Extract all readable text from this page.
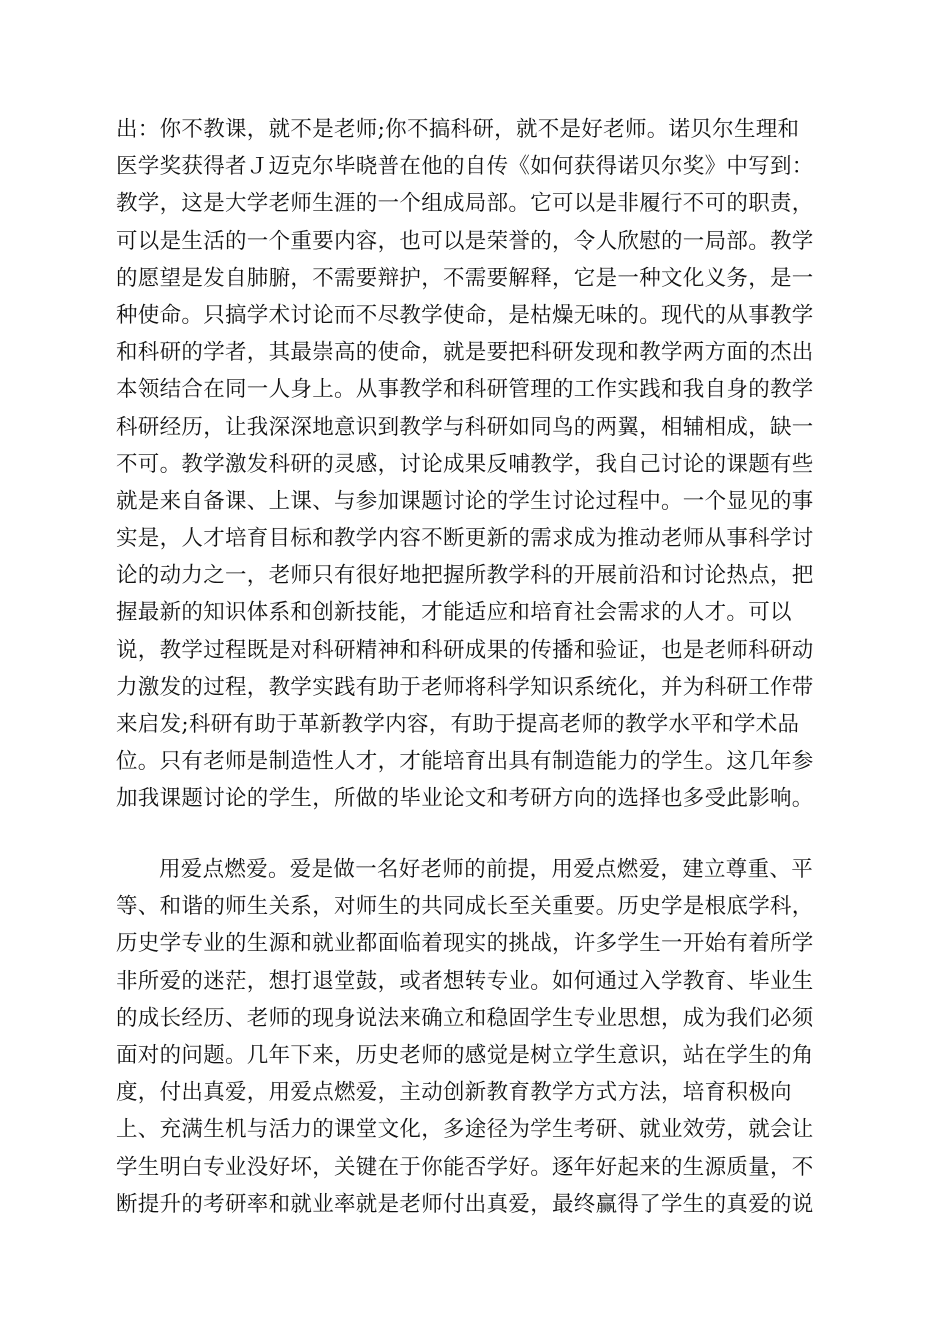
出：你不教课，就不是老师;你不搞科研，就不是好老师。诺贝尔生理和
医学奖获得者Ｊ迈克尔毕晓普在他的自传《如何获得诺贝尔奖》中写到：
教学，这是大学老师生涯的一个组成局部。它可以是非履行不可的职责，
可以是生活的一个重要内容，也可以是荣誉的，令人欣慰的一局部。教学
的愿望是发自肺腑，不需要辩护，不需要解释，它是一种文化义务，是一
种使命。只搞学术讨论而不尽教学使命，是枯燥无味的。现代的从事教学
和科研的学者，其最崇高的使命，就是要把科研发现和教学两方面的杰出
本领结合在同一人身上。从事教学和科研管理的工作实践和我自身的教学
科研经历，让我深深地意识到教学与科研如同鸟的两翼，相辅相成，缺一
不可。教学激发科研的灵感，讨论成果反哺教学，我自己讨论的课题有些
就是来自备课、上课、与参加课题讨论的学生讨论过程中。一个显见的事
实是，人才培育目标和教学内容不断更新的需求成为推动老师从事科学讨
论的动力之一，老师只有很好地把握所教学科的开展前沿和讨论热点，把
握最新的知识体系和创新技能，才能适应和培育社会需求的人才。可以
说，教学过程既是对科研精神和科研成果的传播和验证，也是老师科研动
力激发的过程，教学实践有助于老师将科学知识系统化，并为科研工作带
来启发;科研有助于革新教学内容，有助于提高老师的教学水平和学术品
位。只有老师是制造性人才，才能培育出具有制造能力的学生。这几年参
加我课题讨论的学生，所做的毕业论文和考研方向的选择也多受此影响。
用爱点燃爱。爱是做一名好老师的前提，用爱点燃爱，建立尊重、平
等、和谐的师生关系，对师生的共同成长至关重要。历史学是根底学科，
历史学专业的生源和就业都面临着现实的挑战，许多学生一开始有着所学
非所爱的迷茫，想打退堂鼓，或者想转专业。如何通过入学教育、毕业生
的成长经历、老师的现身说法来确立和稳固学生专业思想，成为我们必须
面对的问题。几年下来，历史老师的感觉是树立学生意识，站在学生的角
度，付出真爱，用爱点燃爱，主动创新教育教学方式方法，培育积极向
上、充满生机与活力的课堂文化，多途径为学生考研、就业效劳，就会让
学生明白专业没好坏，关键在于你能否学好。逐年好起来的生源质量，不
断提升的考研率和就业率就是老师付出真爱，最终赢得了学生的真爱的说
